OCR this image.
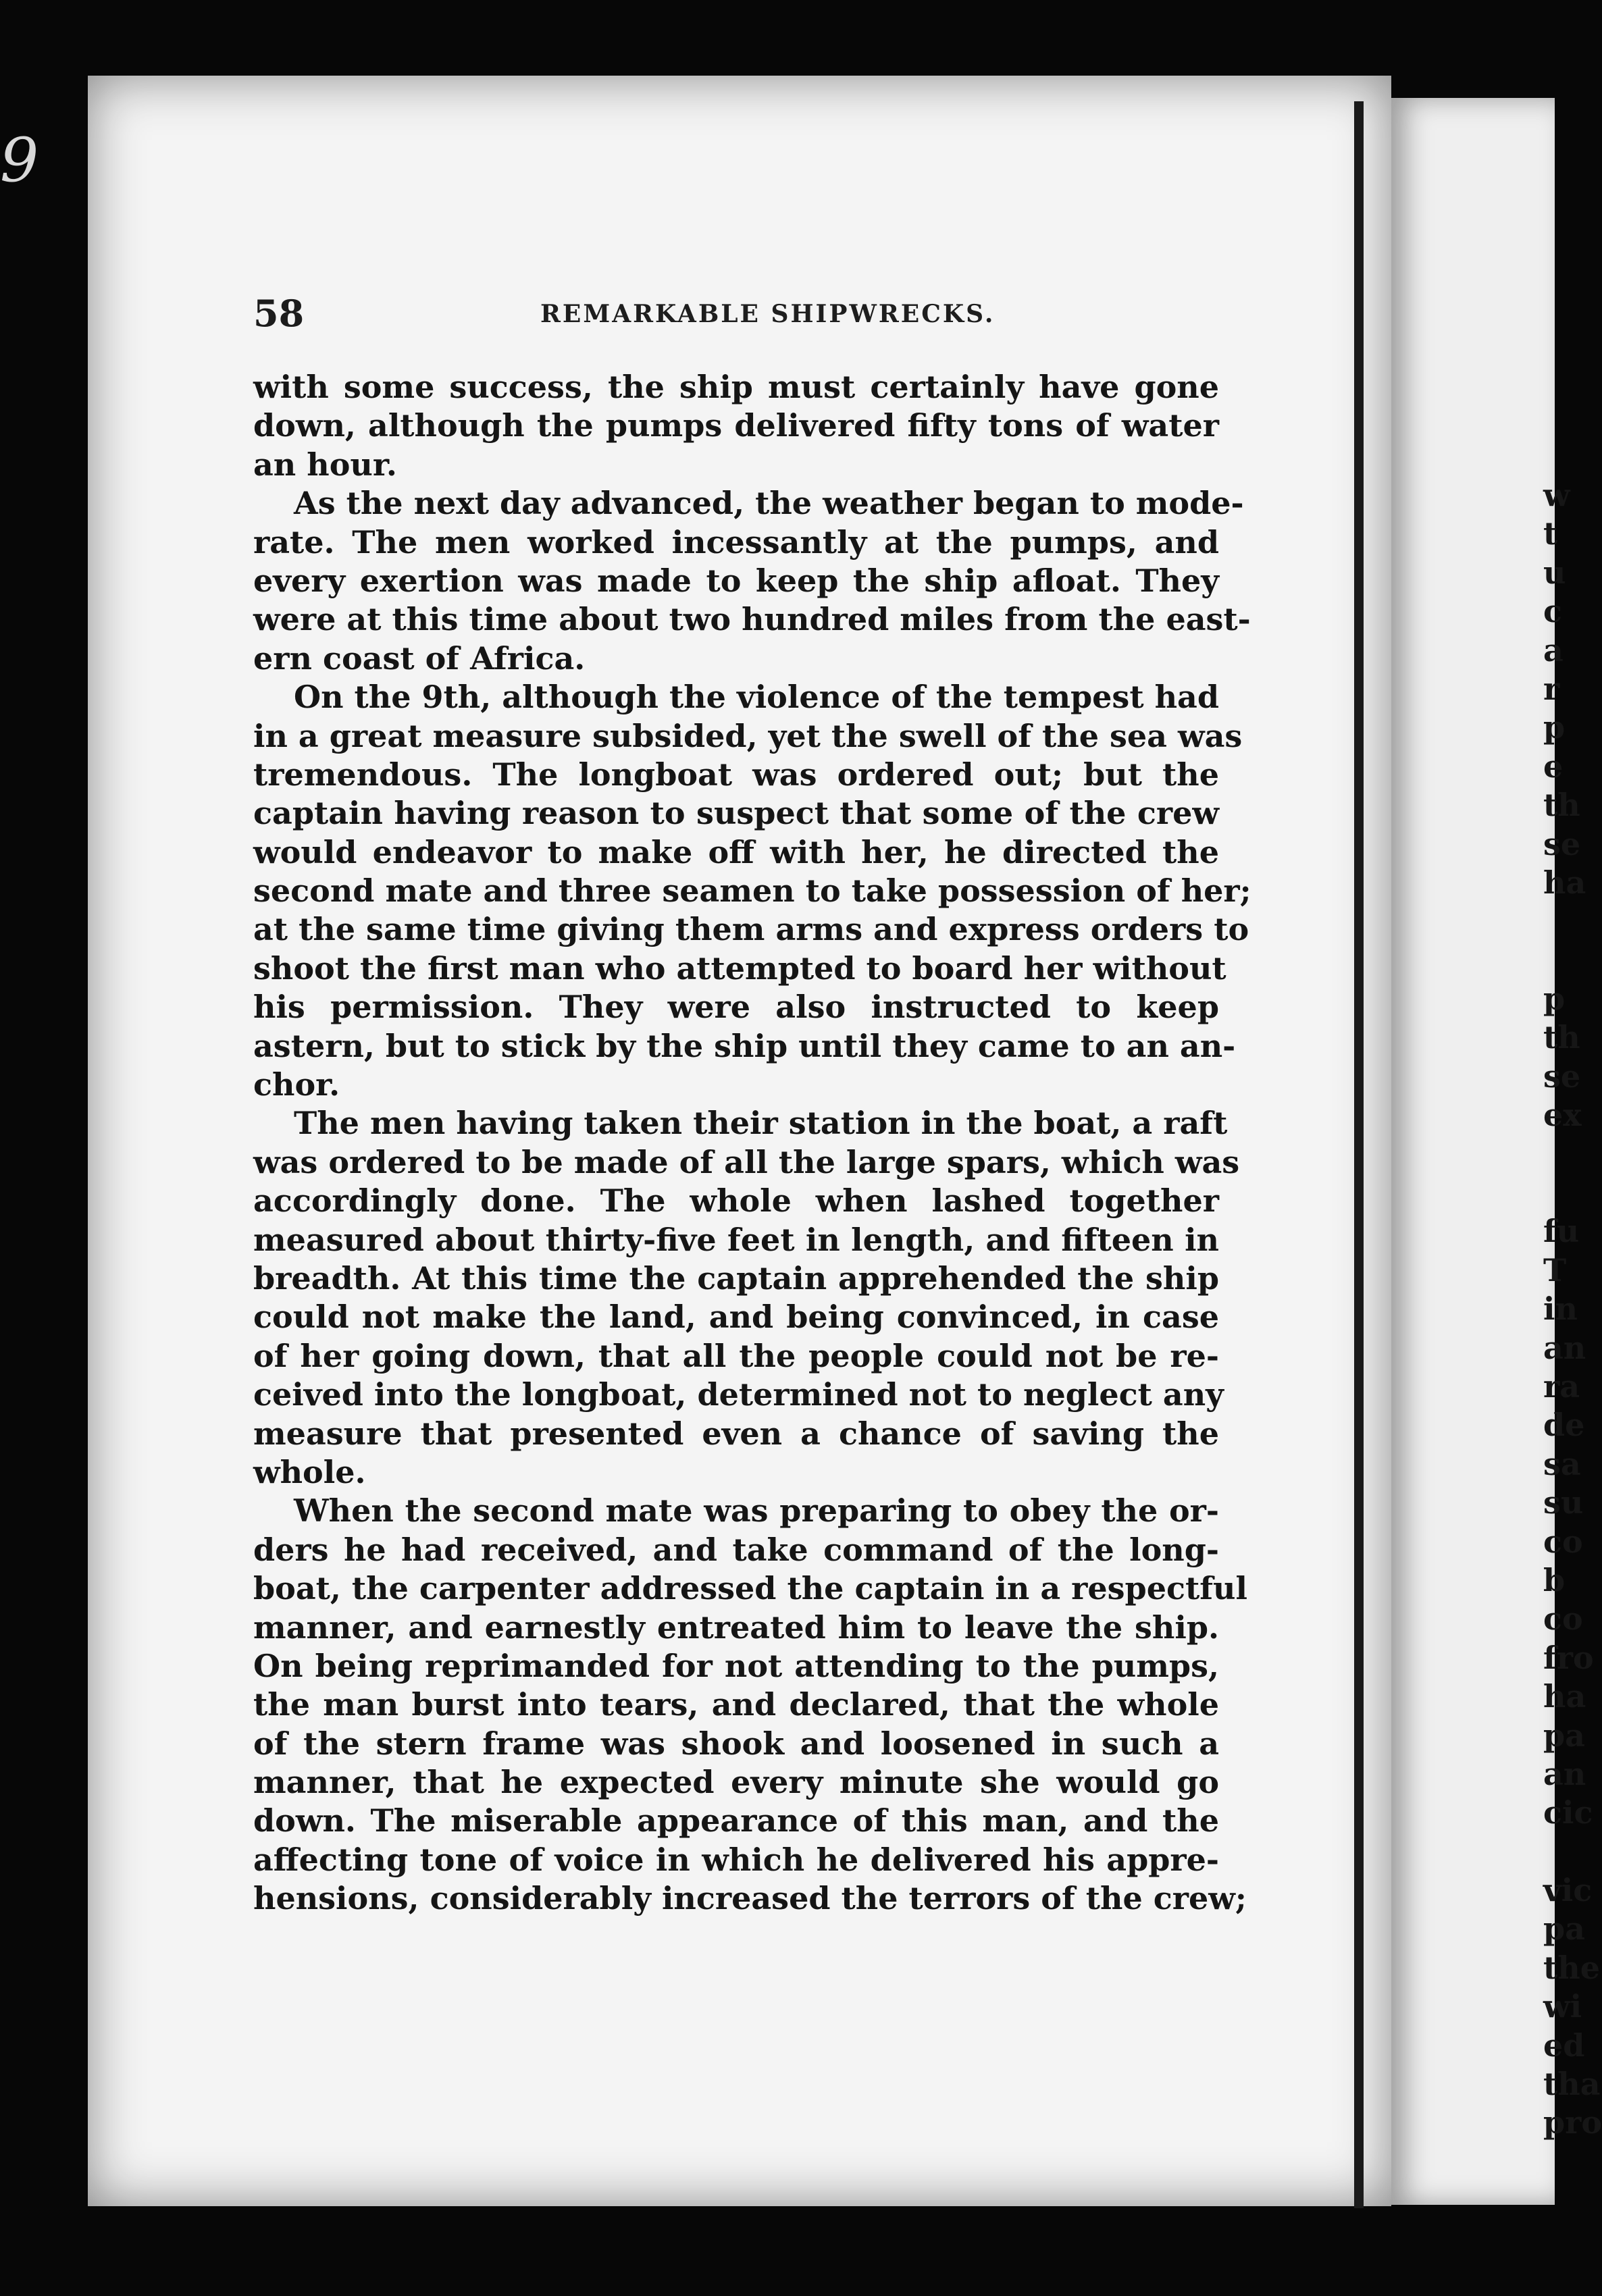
w
t
u
c
a
r
p
e
th
se
ha
p
th
se
ex
fu
T
in
an
ra
de
sa
su
co
b
co
fro
ha
pa
an
cic
vic
pa
the
wi
ed
tha
pro
9
58	REMARKABLE SHIPWRECKS.
with some success, the ship must certainly have gone
down, although the pumps delivered fifty tons of water
an hour.
As the next day advanced, the weather began to mode-
rate. The men worked incessantly at the pumps, and
every exertion was made to keep the ship afloat. They
were at this time about two hundred miles from the east-
ern coast of Africa.
On the 9th, although the violence of the tempest had
in a great measure subsided, yet the swell of the sea was
tremendous. The longboat was ordered out; but the
captain having reason to suspect that some of the crew
would endeavor to make off with her, he directed the
second mate and three seamen to take possession of her;
at the same time giving them arms and express orders to
shoot the first man who attempted to board her without
his permission. They were also instructed to keep
astern, but to stick by the ship until they came to an an-
chor.
The men having taken their station in the boat, a raft
was ordered to be made of all the large spars, which was
accordingly done. The whole when lashed together
measured about thirty-five feet in length, and fifteen in
breadth. At this time the captain apprehended the ship
could not make the land, and being convinced, in case
of her going down, that all the people could not be re-
ceived into the longboat, determined not to neglect any
measure that presented even a chance of saving the
whole.
When the second mate was preparing to obey the or-
ders he had received, and take command of the long-
boat, the carpenter addressed the captain in a respectful
manner, and earnestly entreated him to leave the ship.
On being reprimanded for not attending to the pumps,
the man burst into tears, and declared, that the whole
of the stern frame was shook and loosened in such a
manner, that he expected every minute she would go
down. The miserable appearance of this man, and the
affecting tone of voice in which he delivered his appre-
hensions, considerably increased the terrors of the crew;
